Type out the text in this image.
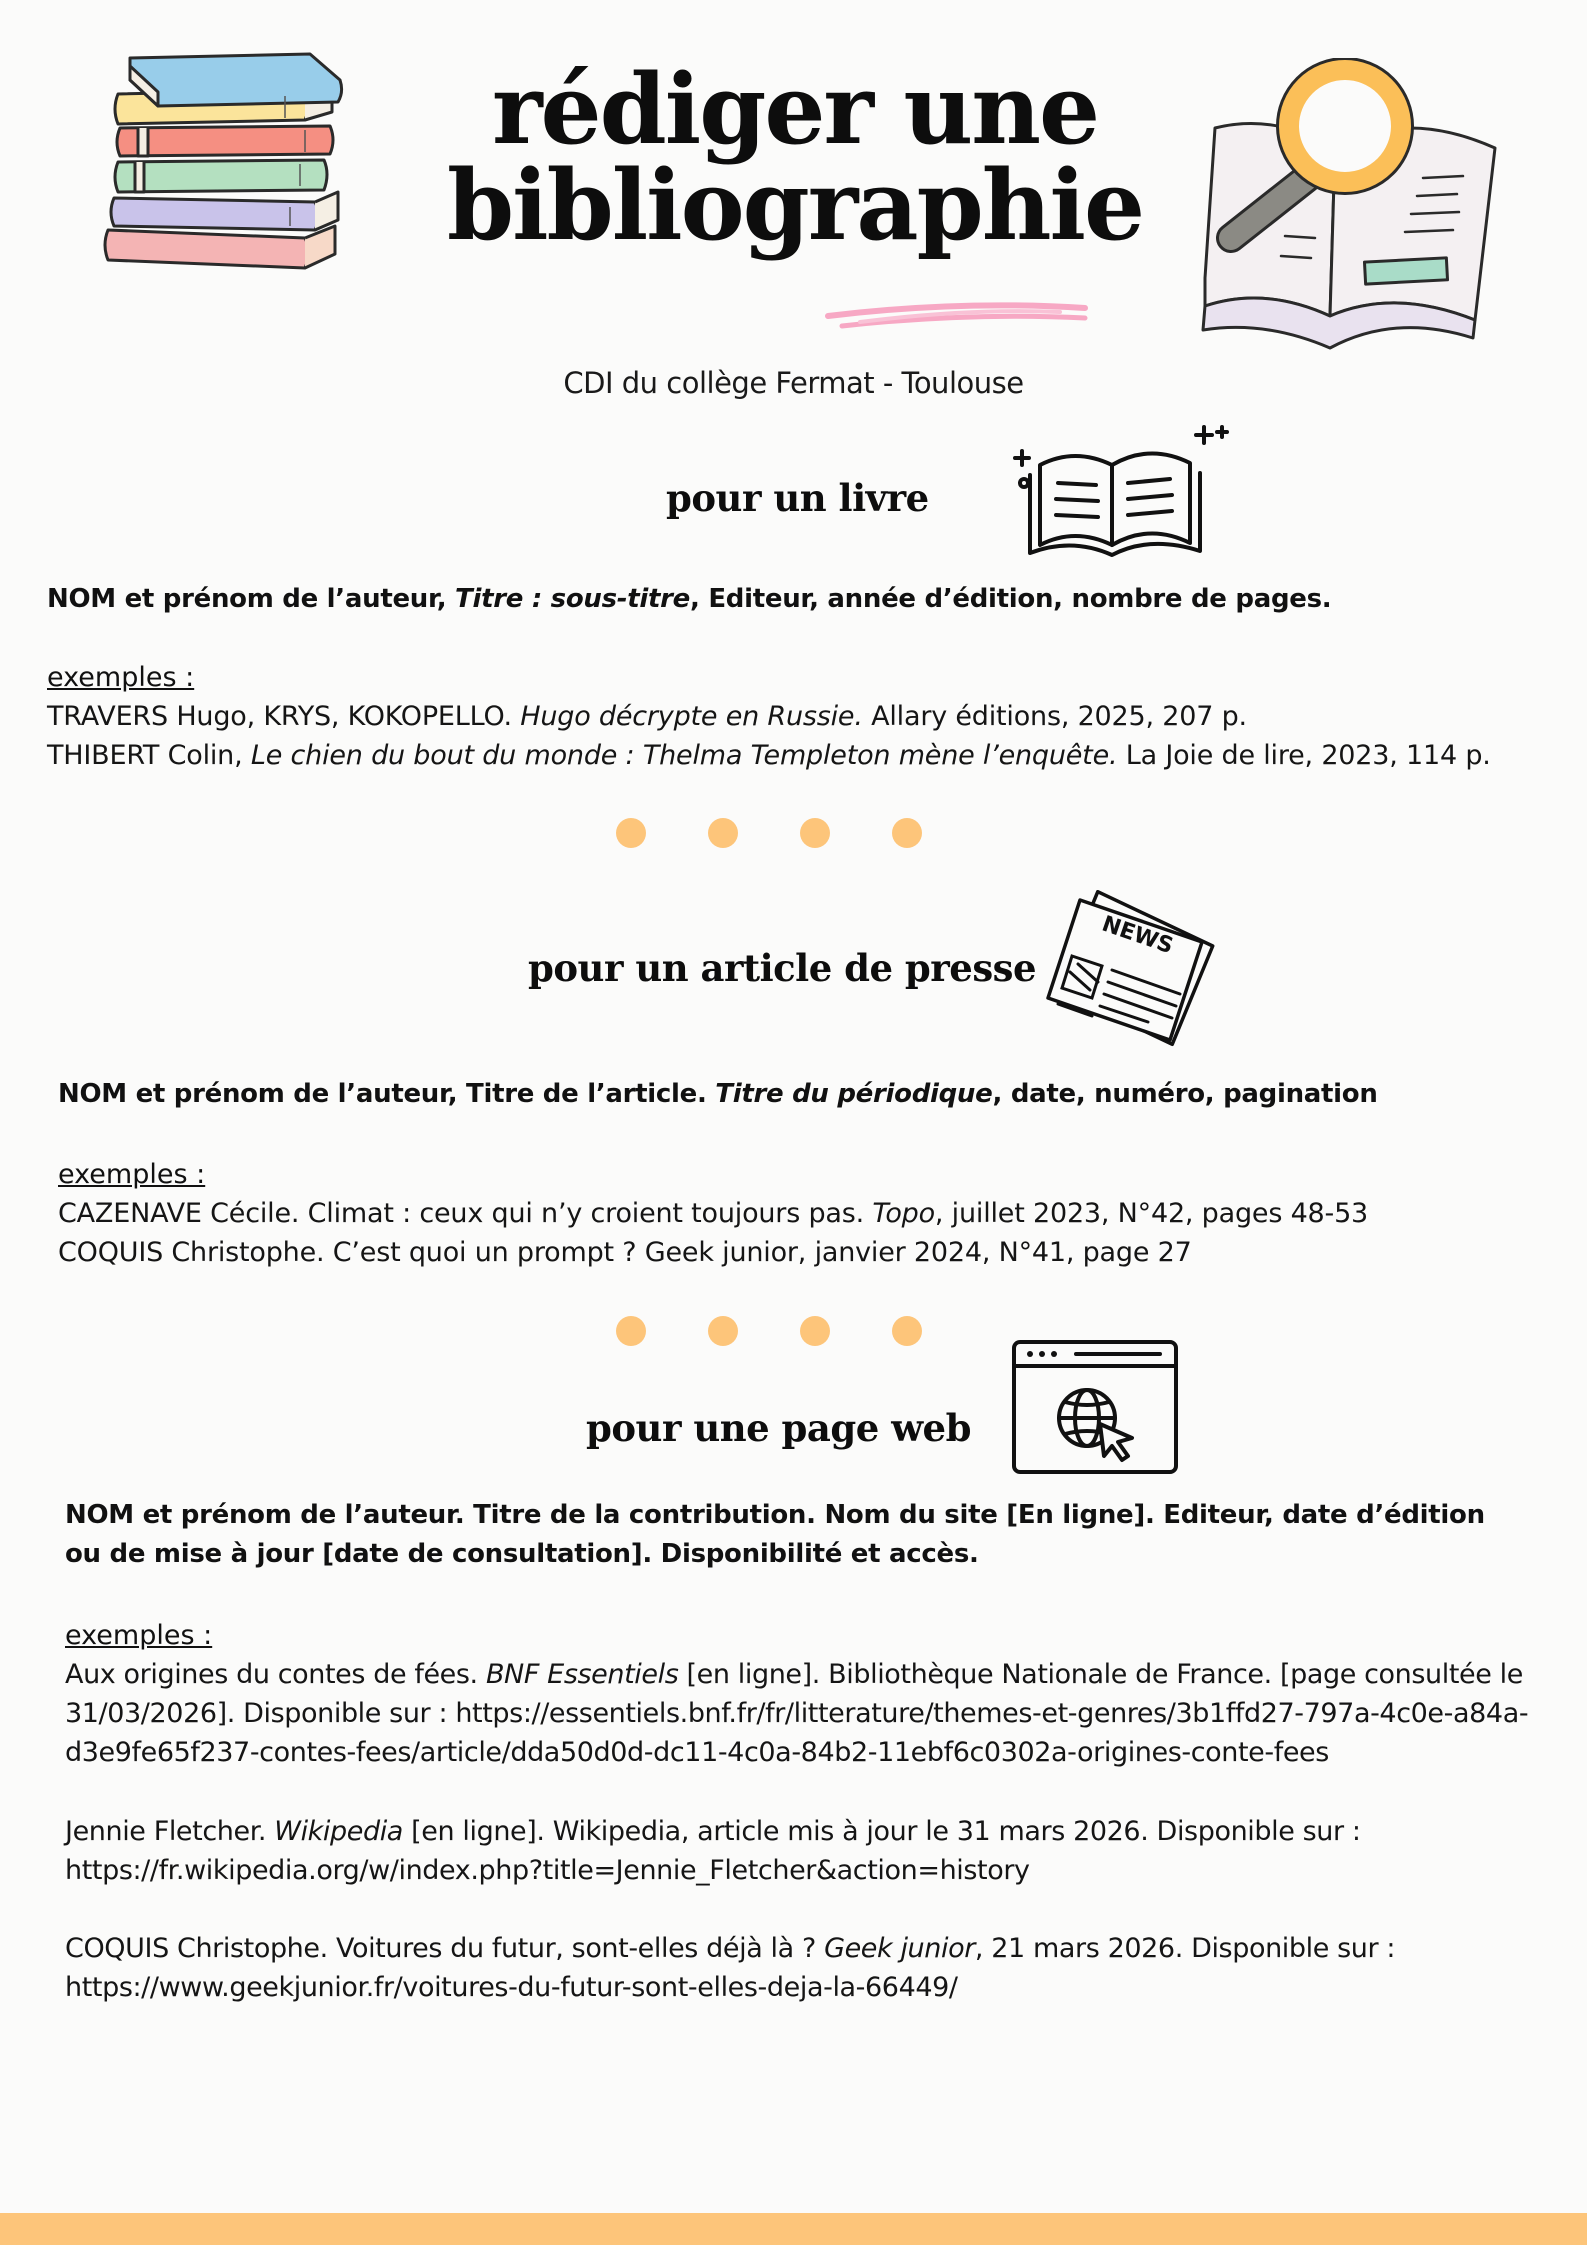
rédiger une
bibliographie
CDI du collège Fermat - Toulouse
pour un livre
NOM et prénom de l’auteur, Titre : sous-titre, Editeur, année d’édition, nombre de pages.
exemples :
TRAVERS Hugo, KRYS, KOKOPELLO. Hugo décrypte en Russie. Allary éditions, 2025, 207 p.
THIBERT Colin, Le chien du bout du monde : Thelma Templeton mène l’enquête. La Joie de lire, 2023, 114 p.
pour un article de presse
NEWS
NOM et prénom de l’auteur, Titre de l’article. Titre du périodique, date, numéro, pagination
exemples :
CAZENAVE Cécile. Climat : ceux qui n’y croient toujours pas. Topo, juillet 2023, N°42, pages 48-53
COQUIS Christophe. C’est quoi un prompt ? Geek junior, janvier 2024, N°41, page 27
pour une page web
NOM et prénom de l’auteur. Titre de la contribution. Nom du site [En ligne]. Editeur, date d’édition ou de mise à jour [date de consultation]. Disponibilité et accès.
exemples :
Aux origines du contes de fées. BNF Essentiels [en ligne]. Bibliothèque Nationale de France. [page consultée le 31/03/2026]. Disponible sur : https://essentiels.bnf.fr/fr/litterature/themes-et-genres/3b1ffd27-797a-4c0e-a84a-d3e9fe65f237-contes-fees/article/dda50d0d-dc11-4c0a-84b2-11ebf6c0302a-origines-conte-fees
Jennie Fletcher. Wikipedia [en ligne]. Wikipedia, article mis à jour le 31 mars 2026. Disponible sur : https://fr.wikipedia.org/w/index.php?title=Jennie_Fletcher&action=history
COQUIS Christophe. Voitures du futur, sont-elles déjà là ? Geek junior, 21 mars 2026. Disponible sur : https://www.geekjunior.fr/voitures-du-futur-sont-elles-deja-la-66449/
